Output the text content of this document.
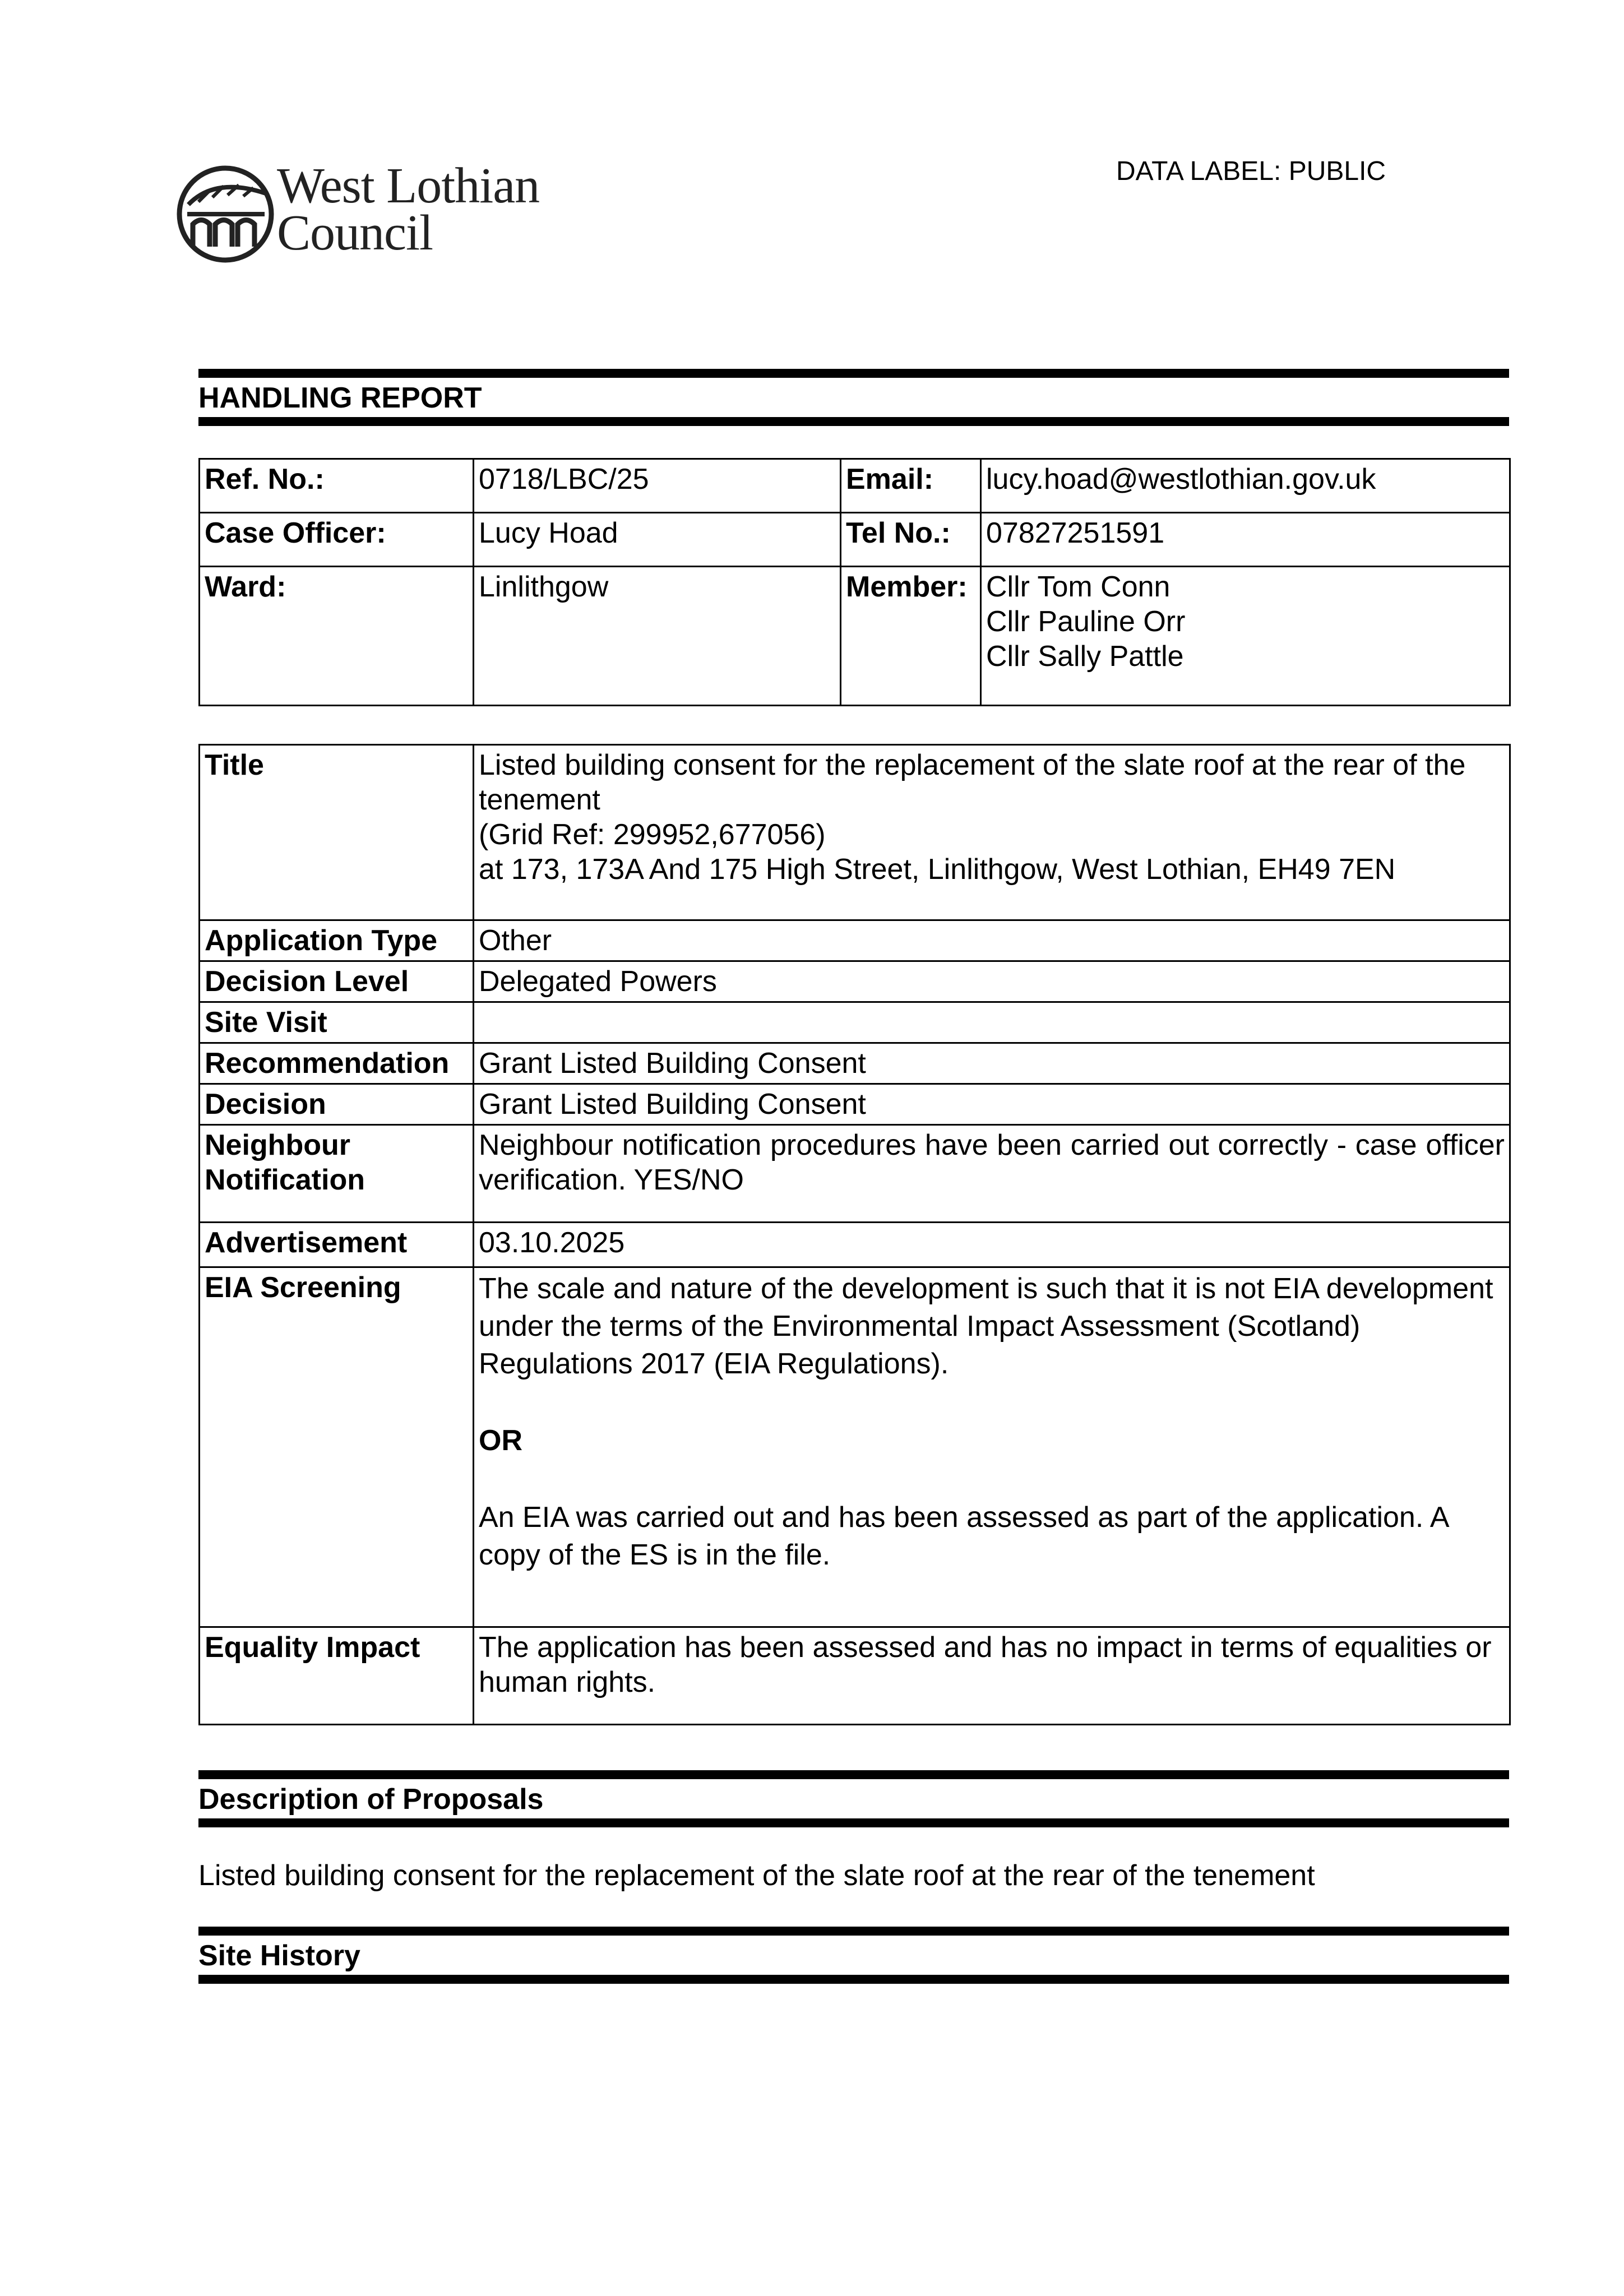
West Lothian
Council
DATA LABEL: PUBLIC
HANDLING REPORT
Ref. No.:	0718/LBC/25	Email:	lucy.hoad@westlothian.gov.uk
Case Officer:	Lucy Hoad	Tel No.:	07827251591
Ward:	Linlithgow	Member:	Cllr Tom Conn
Cllr Pauline Orr
Cllr Sally Pattle
Title	Listed building consent for the replacement of the slate roof at the rear of the tenement
(Grid Ref: 299952,677056)
at 173, 173A And 175 High Street, Linlithgow, West Lothian, EH49 7EN

Application Type	Other
Decision Level	Delegated Powers
Site Visit	
Recommendation	Grant Listed Building Consent
Decision	Grant Listed Building Consent
Neighbour Notification	Neighbour notification procedures have been carried out correctly - case officer verification. YES/NO
Advertisement	03.10.2025
EIA Screening	The scale and nature of the development is such that it is not EIA development under the terms of the Environmental Impact Assessment (Scotland) Regulations 2017 (EIA Regulations).

OR

An EIA was carried out and has been assessed as part of the application. A copy of the ES is in the file.

Equality Impact	The application has been assessed and has no impact in terms of equalities or human rights.
Description of Proposals
Listed building consent for the replacement of the slate roof at the rear of the tenement
Site History
